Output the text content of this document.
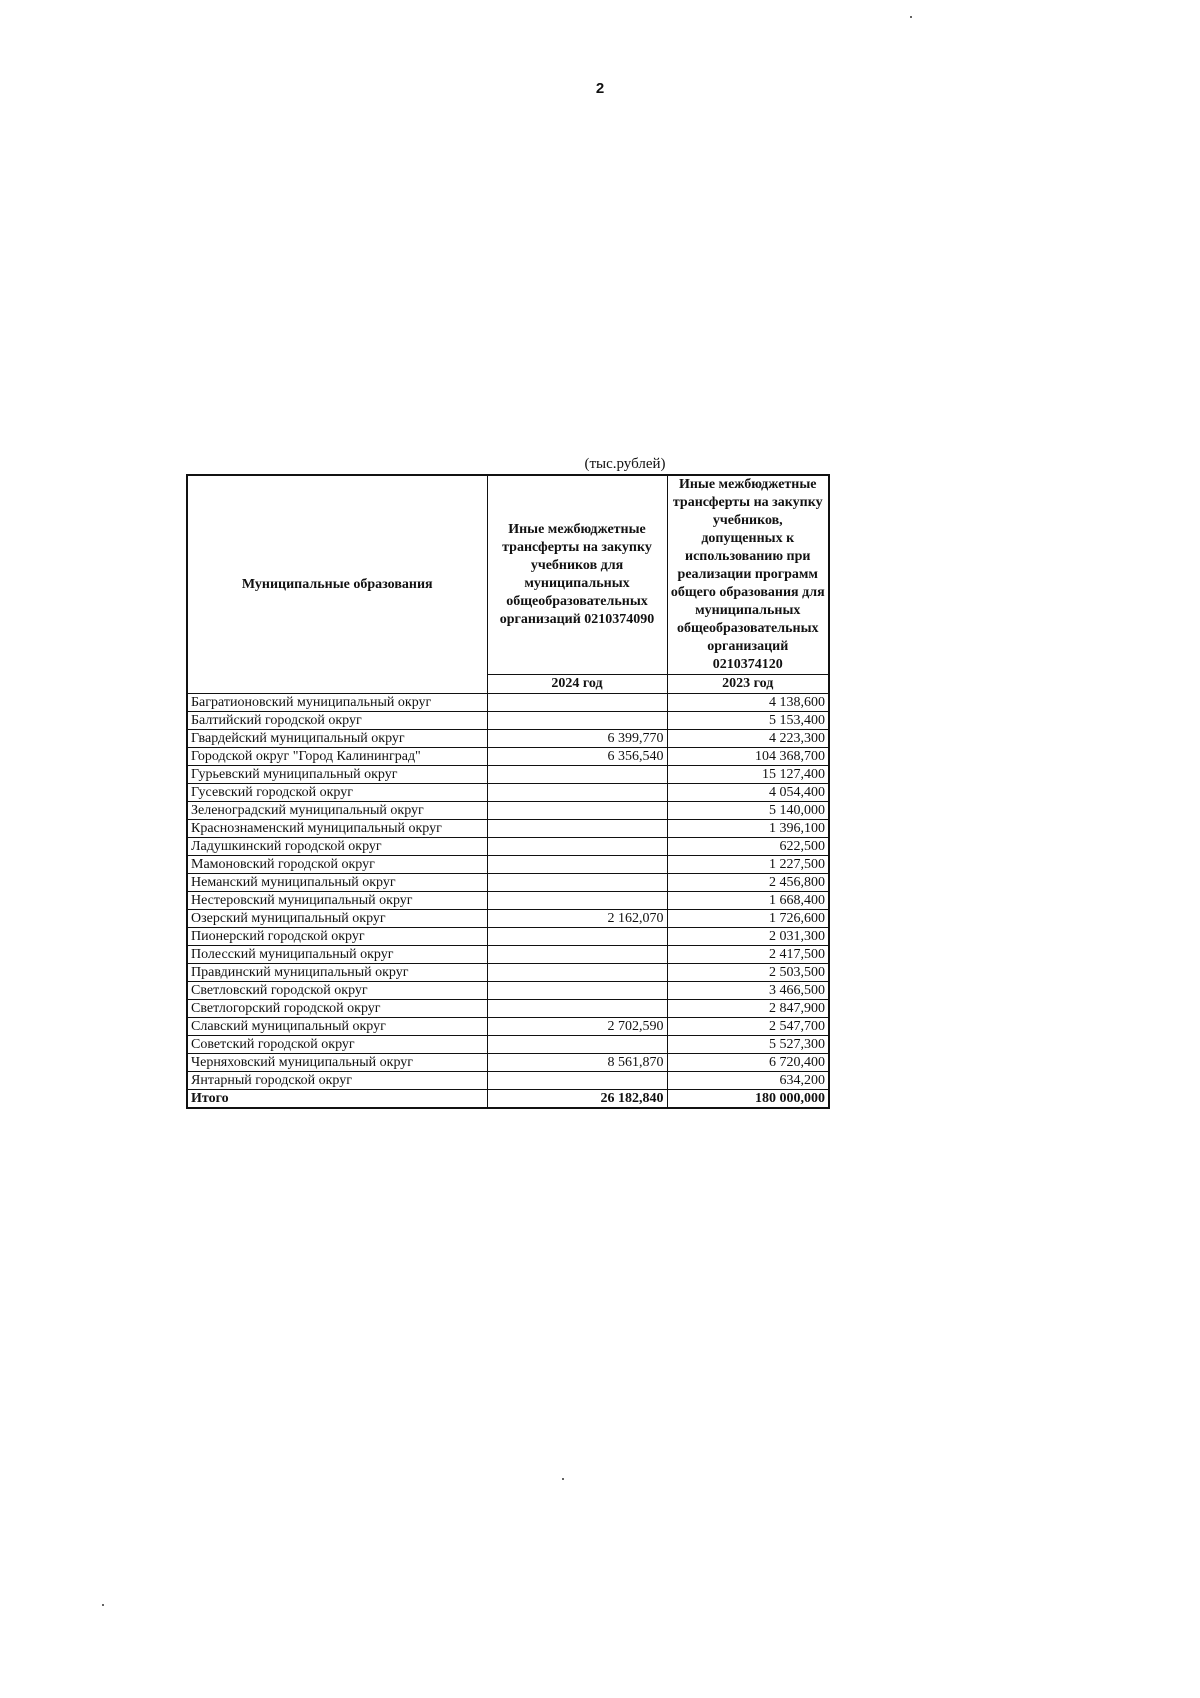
2
(тыс.рублей)
Муниципальные образования	Иные межбюджетные трансферты на закупку учебников для муниципальных общеобразовательных организаций 0210374090	Иные межбюджетные трансферты на закупку учебников, допущенных к использованию при реализации программ общего образования для муниципальных общеобразовательных организаций 0210374120
	2024 год	2023 год
Багратионовский муниципальный округ		4 138,600
Балтийский городской округ		5 153,400
Гвардейский муниципальный округ	6 399,770	4 223,300
Городской округ "Город Калининград"	6 356,540	104 368,700
Гурьевский муниципальный округ		15 127,400
Гусевский городской округ		4 054,400
Зеленоградский муниципальный округ		5 140,000
Краснознаменский муниципальный округ		1 396,100
Ладушкинский городской округ		622,500
Мамоновский городской округ		1 227,500
Неманский муниципальный округ		2 456,800
Нестеровский муниципальный округ		1 668,400
Озерский муниципальный округ	2 162,070	1 726,600
Пионерский городской округ		2 031,300
Полесский муниципальный округ		2 417,500
Правдинский муниципальный округ		2 503,500
Светловский городской округ		3 466,500
Светлогорский городской округ		2 847,900
Славский муниципальный округ	2 702,590	2 547,700
Советский городской округ		5 527,300
Черняховский муниципальный округ	8 561,870	6 720,400
Янтарный городской округ		634,200
Итого	26 182,840	180 000,000
